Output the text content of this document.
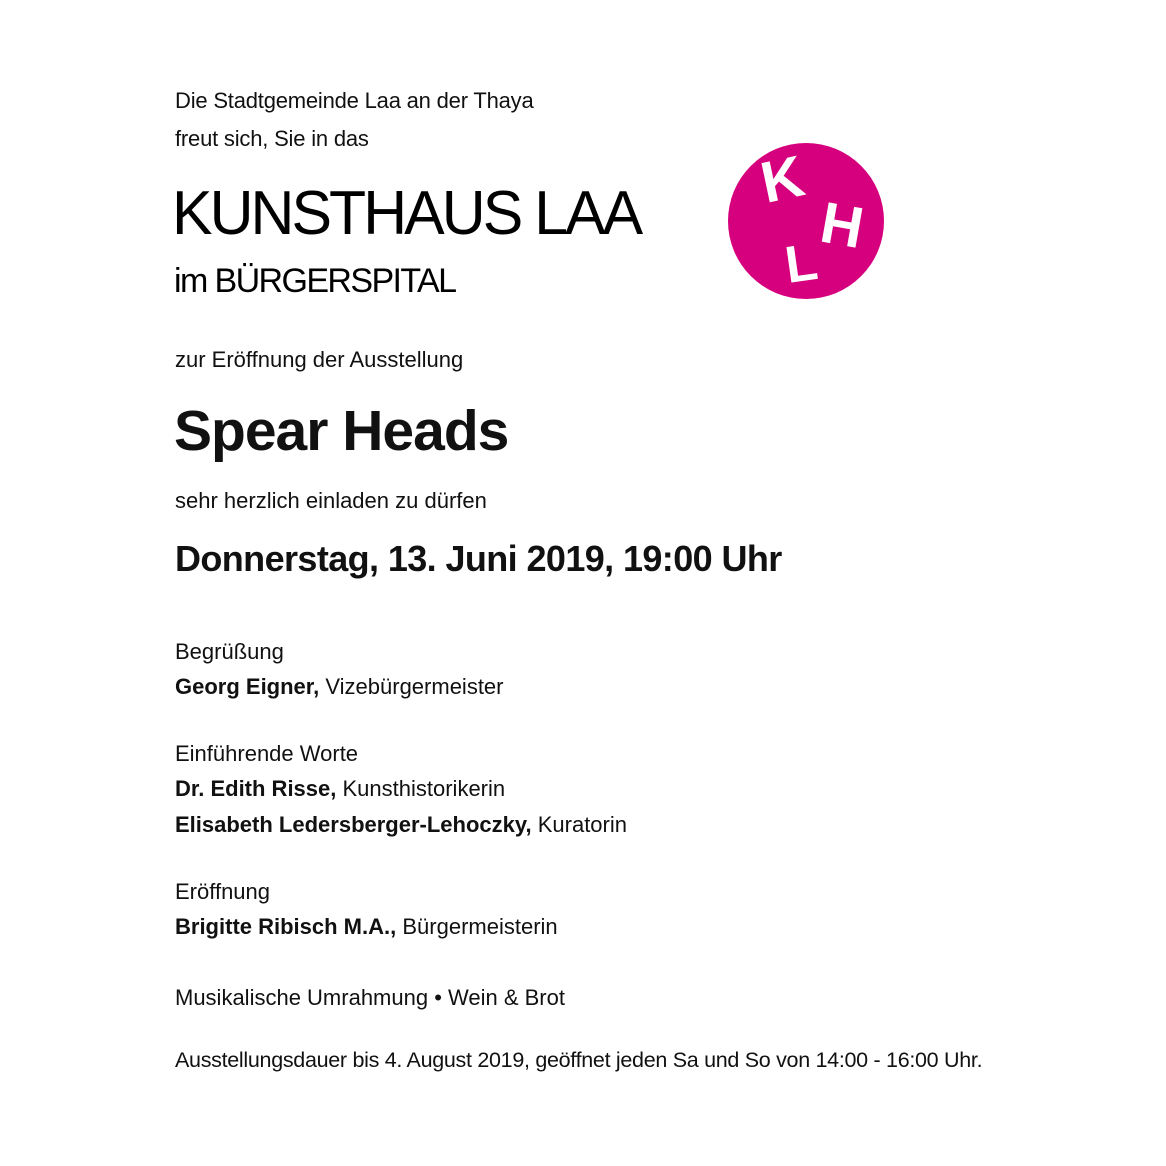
Die Stadtgemeinde Laa an der Thaya
freut sich, Sie in das
KUNSTHAUS LAA
im BÜRGERSPITAL
K
L
H
zur Eröffnung der Ausstellung
Spear Heads
sehr herzlich einladen zu dürfen
Donnerstag, 13. Juni 2019, 19:00 Uhr
Begrüßung
Georg Eigner, Vizebürgermeister
Einführende Worte
Dr. Edith Risse, Kunsthistorikerin
Elisabeth Ledersberger-Lehoczky, Kuratorin
Eröffnung
Brigitte Ribisch M.A., Bürgermeisterin
Musikalische Umrahmung • Wein & Brot
Ausstellungsdauer bis 4. August 2019, geöffnet jeden Sa und So von 14:00 - 16:00 Uhr.
